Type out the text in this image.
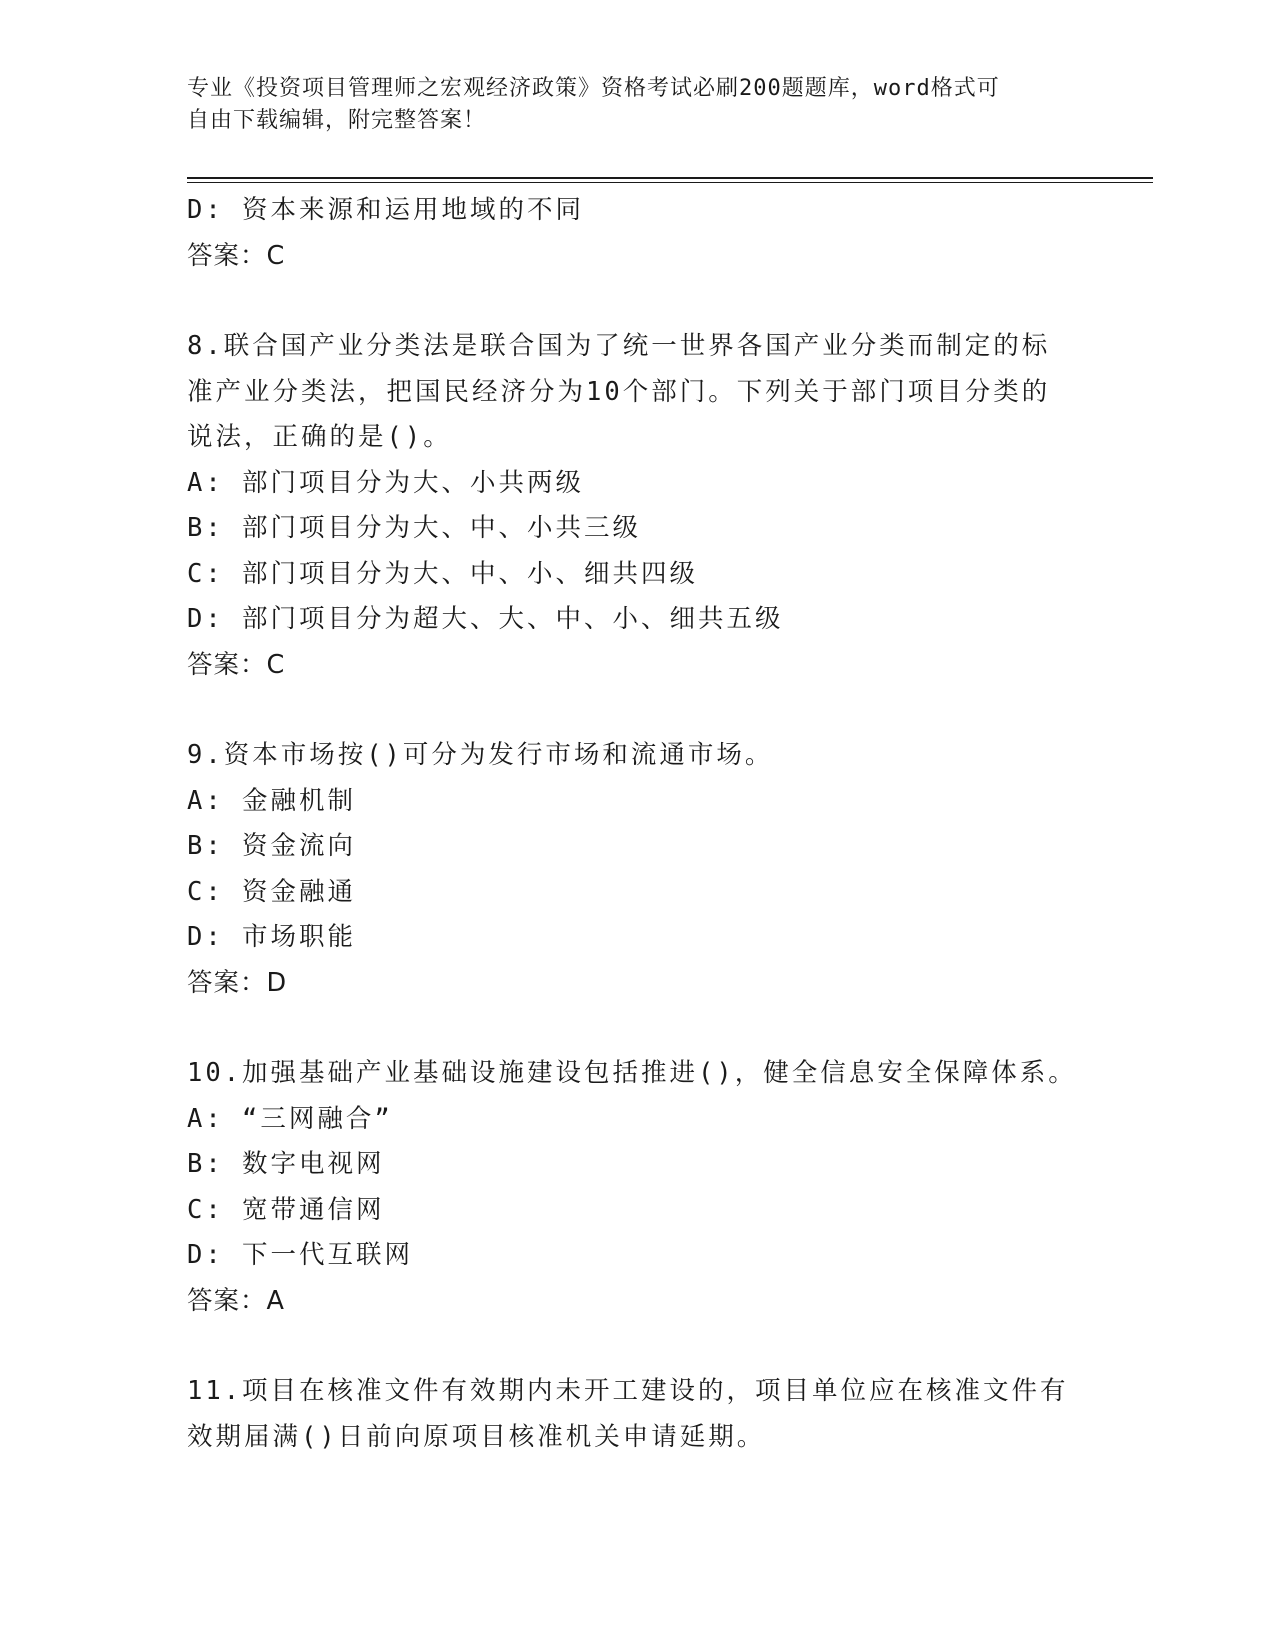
专业《投资项目管理师之宏观经济政策》资格考试必刷200题题库，word格式可
自由下载编辑，附完整答案！
D: 资本来源和运用地域的不同
答案：C
8.联合国产业分类法是联合国为了统一世界各国产业分类而制定的标
准产业分类法，把国民经济分为10个部门。下列关于部门项目分类的
说法，正确的是()。
A: 部门项目分为大、小共两级
B: 部门项目分为大、中、小共三级
C: 部门项目分为大、中、小、细共四级
D: 部门项目分为超大、大、中、小、细共五级
答案：C
9.资本市场按()可分为发行市场和流通市场。
A: 金融机制
B: 资金流向
C: 资金融通
D: 市场职能
答案：D
10.加强基础产业基础设施建设包括推进()，健全信息安全保障体系。
A: “三网融合”
B: 数字电视网
C: 宽带通信网
D: 下一代互联网
答案：A
11.项目在核准文件有效期内未开工建设的，项目单位应在核准文件有
效期届满()日前向原项目核准机关申请延期。
